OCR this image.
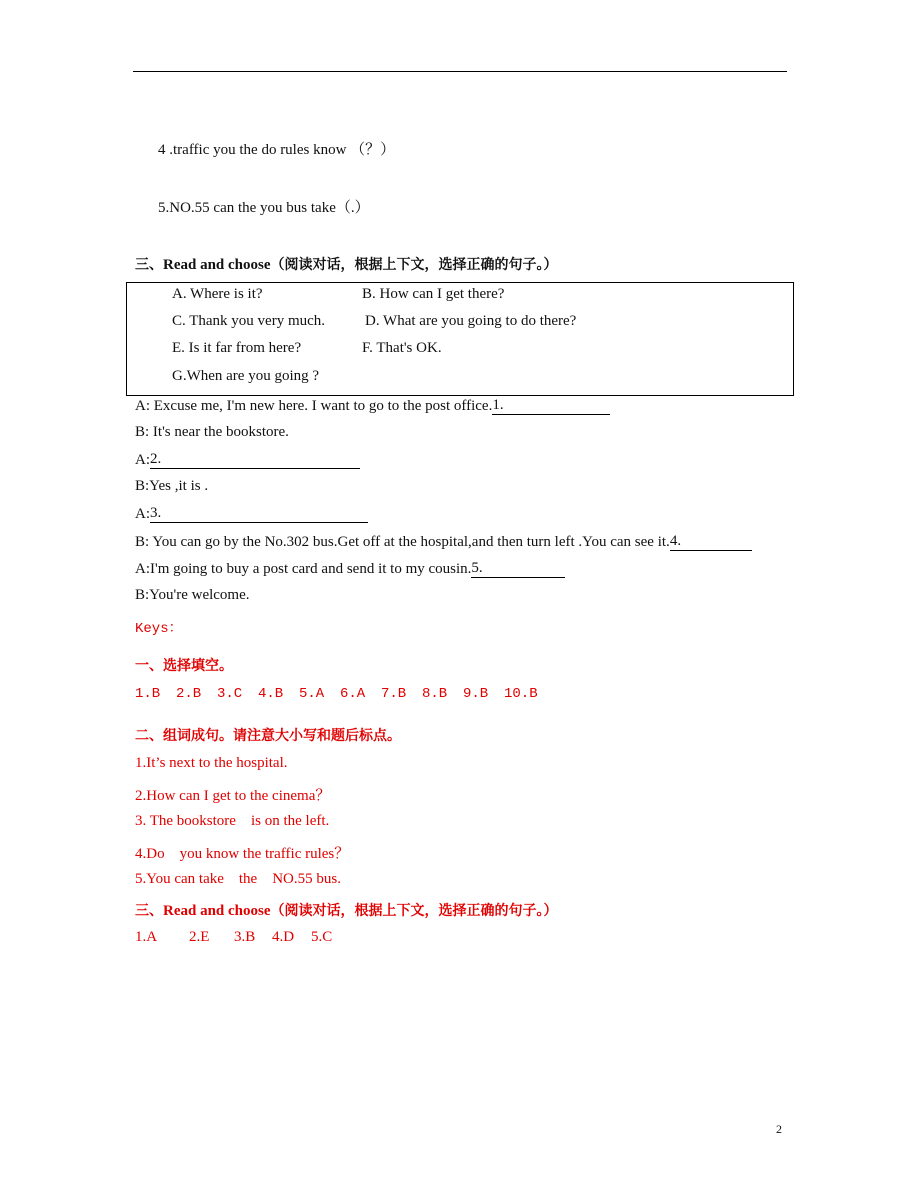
4 .traffic you the do rules know （？）
5.NO.55 can the you bus take（.）
三、Read and choose（阅读对话，根据上下文，选择正确的句子。）
A. Where is it?	B. How can I get there?
C. Thank you very much.	D. What are you going to do there?
E. Is it far from here?	F. That's OK.
G.When are you going ?
A: Excuse me, I'm new here. I want to go to the post office.1.
B: It's near the bookstore.
A:2.
B:Yes ,it is .
A:3.
B: You can go by the No.302 bus.Get off at the hospital,and then turn left .You can see it.4.
A:I'm going to buy a post card and send it to my cousin.5.
B:You're welcome.
Keys：
一、选择填空。
1.B 2.B 3.C 4.B 5.A 6.A 7.B 8.B 9.B 10.B
二、组词成句。请注意大小写和题后标点。
1.It’s next to the hospital.
2.How can I get to the cinema？
3. The bookstore    is on the left.
4.Do    you know the traffic rules？
5.You can take    the    NO.55 bus.
三、Read and choose（阅读对话，根据上下文，选择正确的句子。）
1.A 2.E 3.B 4.D 5.C
2
